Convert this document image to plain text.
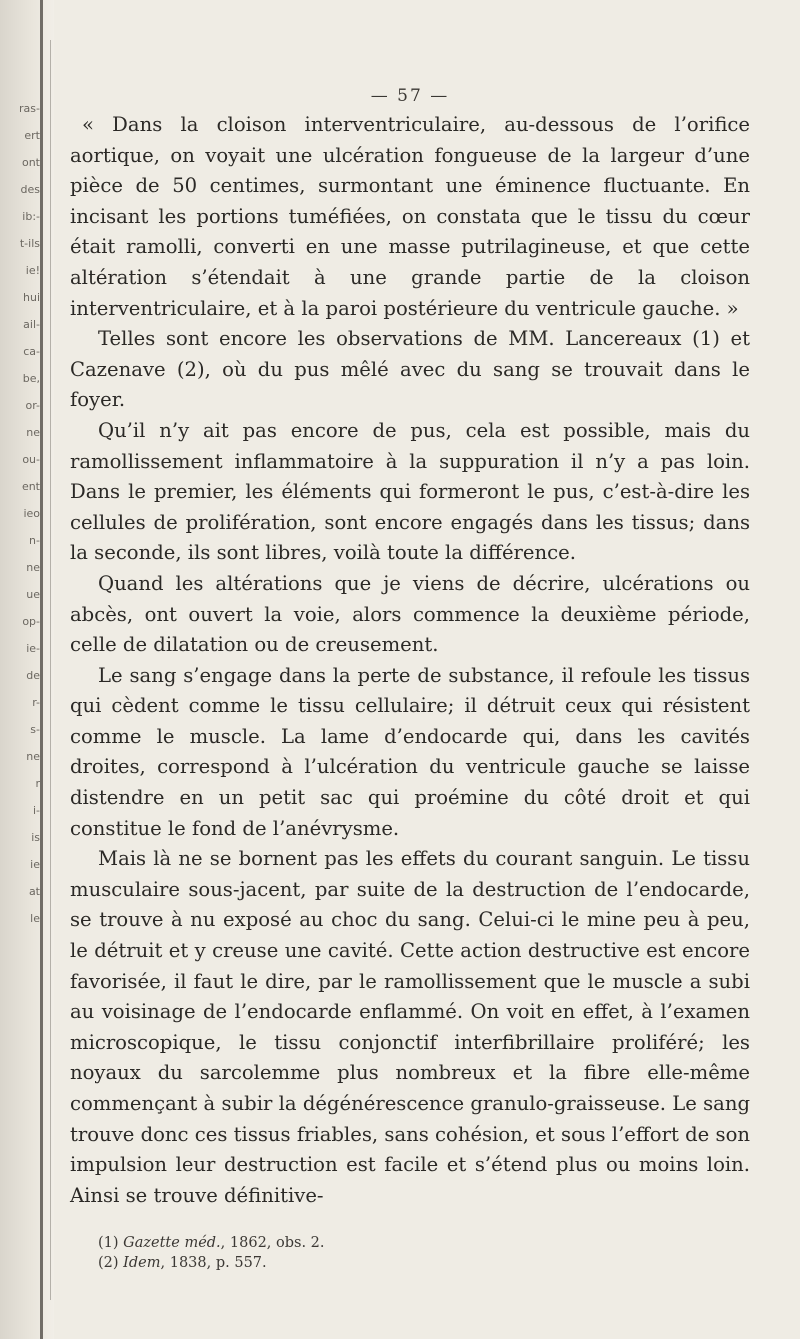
ras-
ert
ont
des
ib:-
t-ils
ie!
hui
ail-
ca-
be,
or-
ne
ou-
ent
ieo
n-
ne
ue
op-
ie-
de
r-
s-
ne
r
i-
is
ie
at
le

— 57 —

« Dans la cloison interventriculaire, au-dessous de l’orifice aortique, on voyait une ulcération fongueuse de la largeur d’une pièce de 50 centimes, surmontant une éminence fluctuante. En incisant les portions tuméfiées, on constata que le tissu du cœur était ramolli, converti en une masse putrilagineuse, et que cette altération s’étendait à une grande partie de la cloison interventriculaire, et à la paroi postérieure du ventricule gauche. »

Telles sont encore les observations de MM. Lancereaux (1) et Cazenave (2), où du pus mêlé avec du sang se trouvait dans le foyer.

Qu’il n’y ait pas encore de pus, cela est possible, mais du ramollissement inflammatoire à la suppuration il n’y a pas loin. Dans le premier, les éléments qui formeront le pus, c’est-à-dire les cellules de prolifération, sont encore engagés dans les tissus; dans la seconde, ils sont libres, voilà toute la différence.

Quand les altérations que je viens de décrire, ulcérations ou abcès, ont ouvert la voie, alors commence la deuxième période, celle de dilatation ou de creusement.

Le sang s’engage dans la perte de substance, il refoule les tissus qui cèdent comme le tissu cellulaire; il détruit ceux qui résistent comme le muscle. La lame d’endocarde qui, dans les cavités droites, correspond à l’ulcération du ventricule gauche se laisse distendre en un petit sac qui proémine du côté droit et qui constitue le fond de l’anévrysme.

Mais là ne se bornent pas les effets du courant sanguin. Le tissu musculaire sous-jacent, par suite de la destruction de l’endocarde, se trouve à nu exposé au choc du sang. Celui-ci le mine peu à peu, le détruit et y creuse une cavité. Cette action destructive est encore favorisée, il faut le dire, par le ramollissement que le muscle a subi au voisinage de l’endocarde enflammé. On voit en effet, à l’examen microscopique, le tissu conjonctif interfibrillaire proliféré; les noyaux du sarcolemme plus nombreux et la fibre elle-même commençant à subir la dégénérescence granulo-graisseuse. Le sang trouve donc ces tissus friables, sans cohésion, et sous l’effort de son impulsion leur destruction est facile et s’étend plus ou moins loin. Ainsi se trouve définitive-

(1) Gazette méd., 1862, obs. 2.
(2) Idem, 1838, p. 557.
